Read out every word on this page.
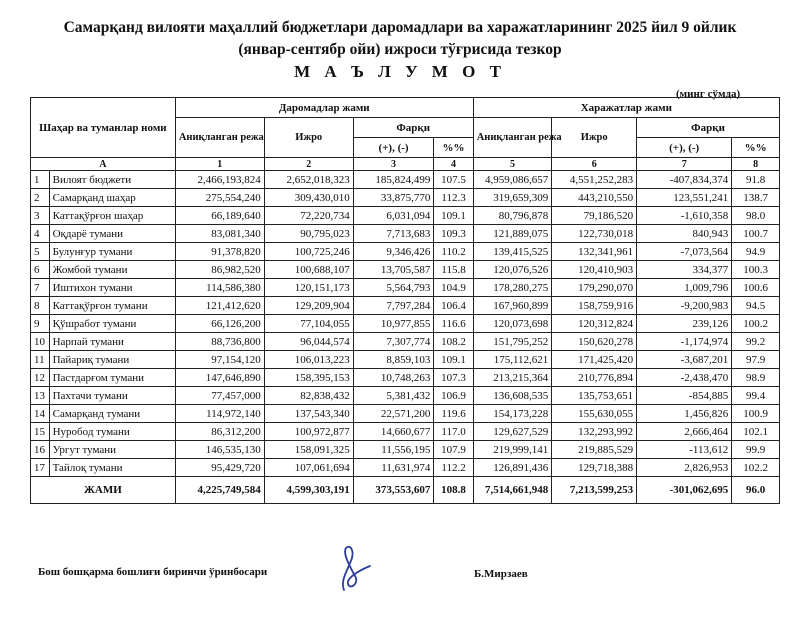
Самарқанд вилояти маҳаллий бюджетлари даромадлари ва харажатларининг 2025 йил 9 ойлик
(январ-сентябр ойи) ижроси тўғрисида тезкор
М А Ъ Л У М О Т
(минг сўмда)
Шаҳар ва туманлар номи		Даромадлар жами				Харажатлар жами			
		Аниқланган режа	Ижро	Фарқи		Аниқланган режа	Ижро	Фарқи	
				(+), (-)	%%			(+), (-)	%%
A		1	2	3	4	5	6	7	8
1	Вилоят бюджети	2,466,193,824	2,652,018,323	185,824,499	107.5	4,959,086,657	4,551,252,283	-407,834,374	91.8
2	Самарқанд шаҳар	275,554,240	309,430,010	33,875,770	112.3	319,659,309	443,210,550	123,551,241	138.7
3	Каттақўрғон шаҳар	66,189,640	72,220,734	6,031,094	109.1	80,796,878	79,186,520	-1,610,358	98.0
4	Оқдарё тумани	83,081,340	90,795,023	7,713,683	109.3	121,889,075	122,730,018	840,943	100.7
5	Булунғур тумани	91,378,820	100,725,246	9,346,426	110.2	139,415,525	132,341,961	-7,073,564	94.9
6	Жомбой тумани	86,982,520	100,688,107	13,705,587	115.8	120,076,526	120,410,903	334,377	100.3
7	Иштихон тумани	114,586,380	120,151,173	5,564,793	104.9	178,280,275	179,290,070	1,009,796	100.6
8	Каттақўрғон тумани	121,412,620	129,209,904	7,797,284	106.4	167,960,899	158,759,916	-9,200,983	94.5
9	Қўшработ тумани	66,126,200	77,104,055	10,977,855	116.6	120,073,698	120,312,824	239,126	100.2
10	Нарпай тумани	88,736,800	96,044,574	7,307,774	108.2	151,795,252	150,620,278	-1,174,974	99.2
11	Пайариқ тумани	97,154,120	106,013,223	8,859,103	109.1	175,112,621	171,425,420	-3,687,201	97.9
12	Пастдарғом тумани	147,646,890	158,395,153	10,748,263	107.3	213,215,364	210,776,894	-2,438,470	98.9
13	Пахтачи тумани	77,457,000	82,838,432	5,381,432	106.9	136,608,535	135,753,651	-854,885	99.4
14	Самарқанд тумани	114,972,140	137,543,340	22,571,200	119.6	154,173,228	155,630,055	1,456,826	100.9
15	Нуробод тумани	86,312,200	100,972,877	14,660,677	117.0	129,627,529	132,293,992	2,666,464	102.1
16	Ургут тумани	146,535,130	158,091,325	11,556,195	107.9	219,999,141	219,885,529	-113,612	99.9
17	Тайлоқ тумани	95,429,720	107,061,694	11,631,974	112.2	126,891,436	129,718,388	2,826,953	102.2
ЖАМИ		4,225,749,584	4,599,303,191	373,553,607	108.8	7,514,661,948	7,213,599,253	-301,062,695	96.0
Бош бошқарма бошлиғи биринчи ўринбосари	Б.Мирзаев
